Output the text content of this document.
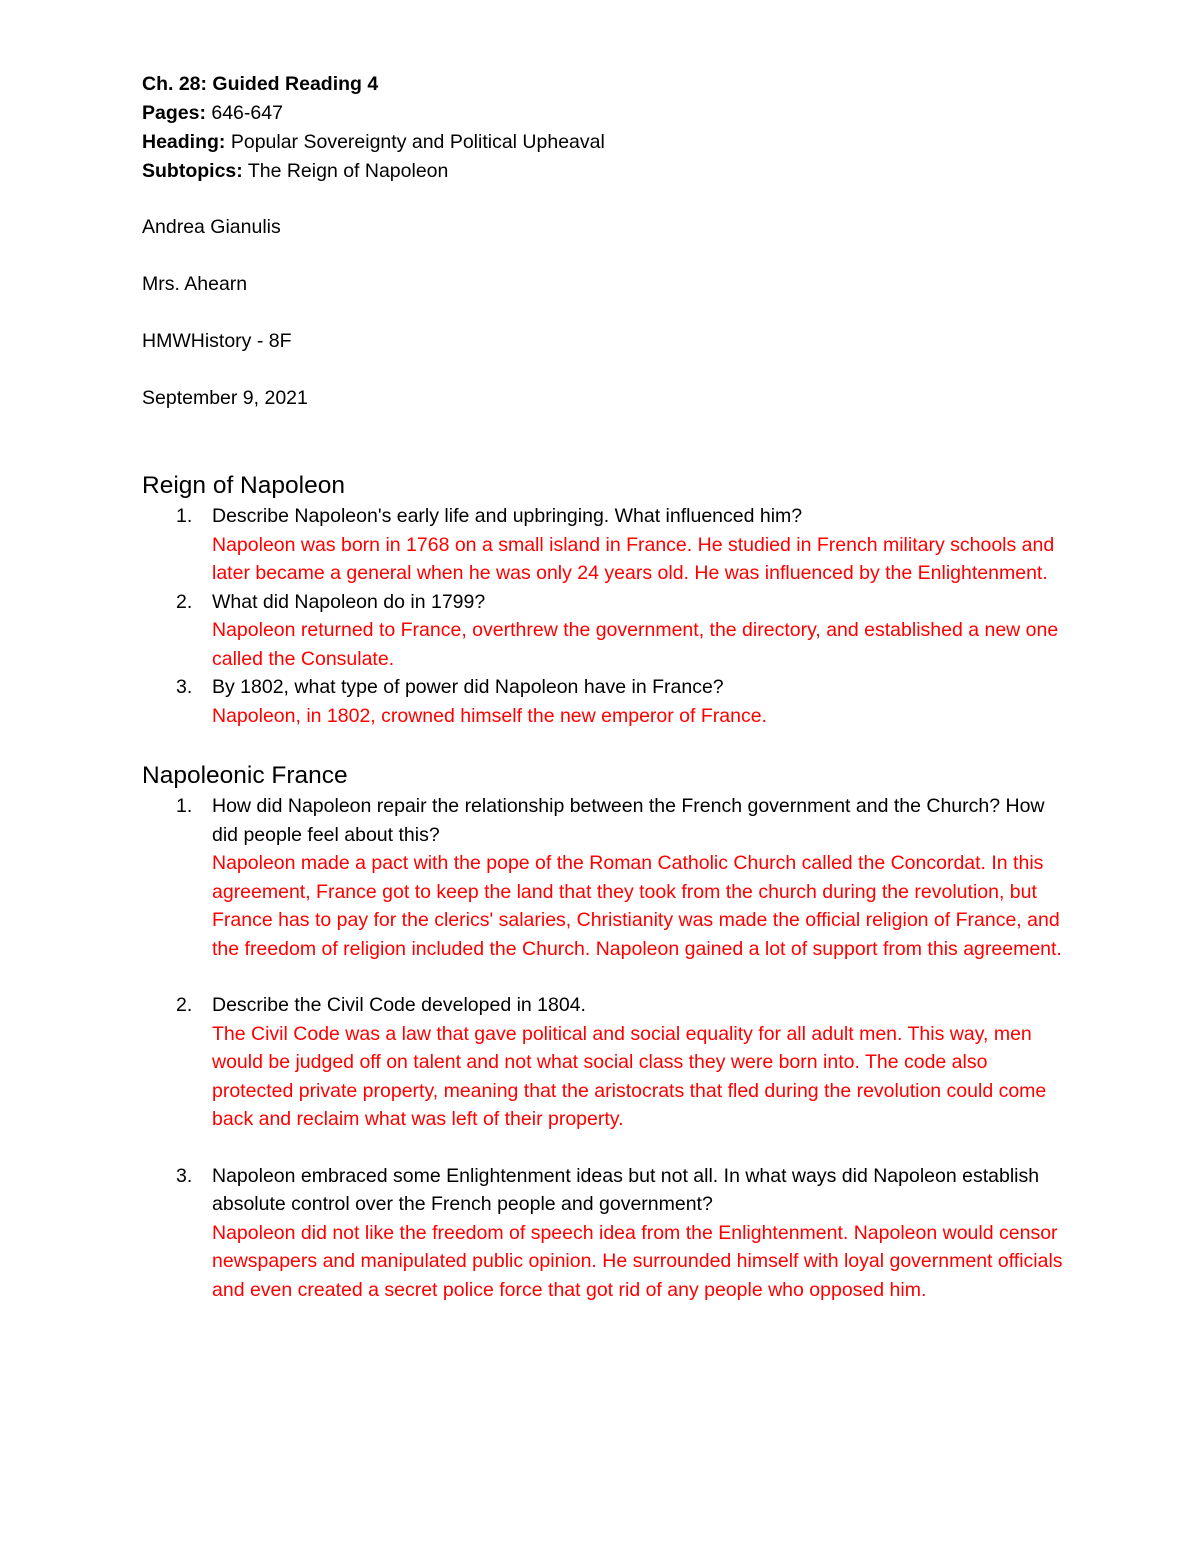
Ch. 28: Guided Reading 4
Pages: 646-647
Heading: Popular Sovereignty and Political Upheaval
Subtopics: The Reign of Napoleon
Andrea Gianulis
Mrs. Ahearn
HMWHistory - 8F
September 9, 2021
Reign of Napoleon
1. Describe Napoleon's early life and upbringing. What influenced him?
Napoleon was born in 1768 on a small island in France. He studied in French military schools and later became a general when he was only 24 years old. He was influenced by the Enlightenment.
2. What did Napoleon do in 1799?
Napoleon returned to France, overthrew the government, the directory, and established a new one called the Consulate.
3. By 1802, what type of power did Napoleon have in France?
Napoleon, in 1802, crowned himself the new emperor of France.
Napoleonic France
1. How did Napoleon repair the relationship between the French government and the Church? How did people feel about this?
Napoleon made a pact with the pope of the Roman Catholic Church called the Concordat. In this agreement, France got to keep the land that they took from the church during the revolution, but France has to pay for the clerics' salaries, Christianity was made the official religion of France, and the freedom of religion included the Church. Napoleon gained a lot of support from this agreement.
2. Describe the Civil Code developed in 1804.
The Civil Code was a law that gave political and social equality for all adult men. This way, men would be judged off on talent and not what social class they were born into. The code also protected private property, meaning that the aristocrats that fled during the revolution could come back and reclaim what was left of their property.
3. Napoleon embraced some Enlightenment ideas but not all. In what ways did Napoleon establish absolute control over the French people and government?
Napoleon did not like the freedom of speech idea from the Enlightenment. Napoleon would censor newspapers and manipulated public opinion. He surrounded himself with loyal government officials and even created a secret police force that got rid of any people who opposed him.
